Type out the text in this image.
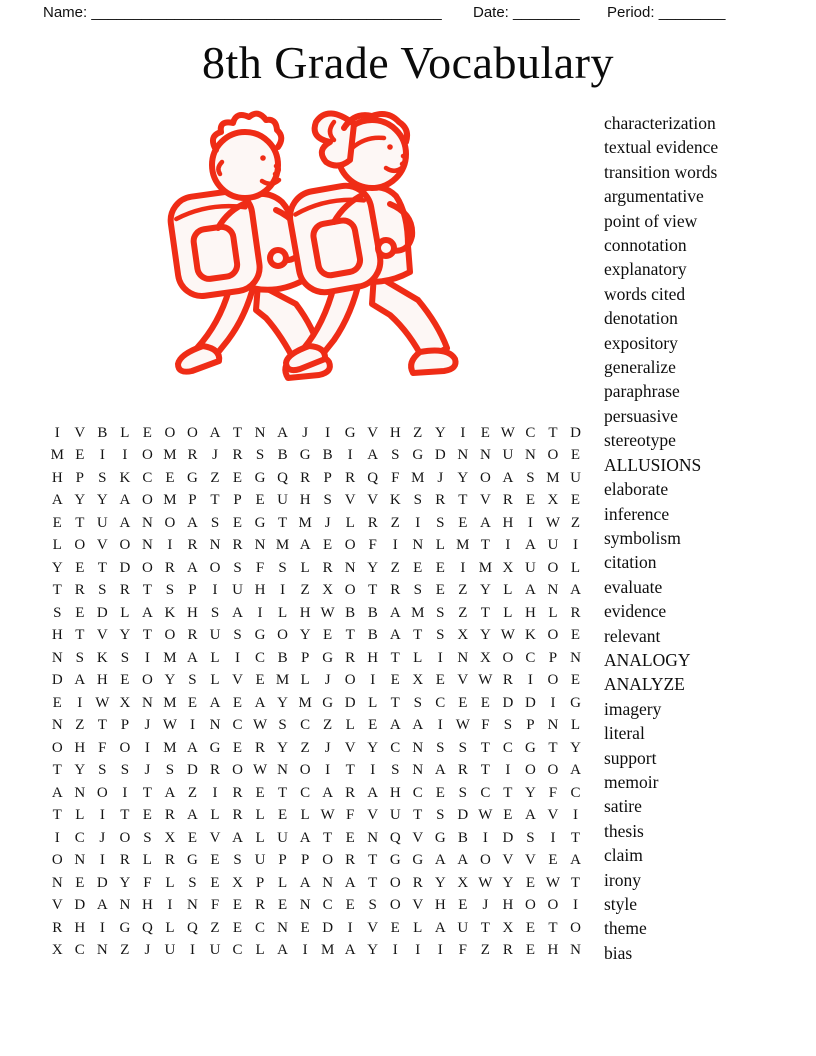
Name: __________________________________________ Date: ________ Period: ________
8th Grade Vocabulary
characterization
textual evidence
transition words
argumentative
point of view
connotation
explanatory
words cited
denotation
expository
generalize
paraphrase
persuasive
stereotype
ALLUSIONS
elaborate
inference
symbolism
citation
evaluate
evidence
relevant
ANALOGY
ANALYZE
imagery
literal
support
memoir
satire
thesis
claim
irony
style
theme
bias
I V B L E O O A T N A J	I G V H Z Y I	E W C T D
M E	I	I O M R J R S B G B	I A S G D N N U N O E
H P S K C E G Z E G Q R P R Q F M J Y O A S M U
A Y Y A O M P T P E U H S V V K S R T V R E X E
E T U A N O A S E G T M J	L R Z	I	S E A H I W Z
L O V O N I	R N R N M A E O F	I N L M T	I A U I
Y E T D O R A O S F S L R N Y Z E E	I M X U O L
T R S R T S P	I U H I	Z X O T R S E Z Y L A N A
S E D L A K H S A I	L H W B B A M S Z T L H L R
H T V Y T O R U S G O Y E T B A T S X Y W K O E
N S K S	I M A L	I	C B P G R H T L	I N X O C P N
D A H E O Y S L V E M L	J O I	E X E V W R	I O E
E	I W X N M E A E A Y M G D L T S C E E D D I G
N Z T P	J W I N C W S C Z L E A A I W F S P N L
O H F O I M A G E R Y Z	J V Y C N S S T C G T Y
T Y S S	J	S D R O W N O I	T	I	S N A R T	I O O A
A N O I	T A Z	I	R E T C A R A H C E S C T Y F C
T L	I	T E R A L R L E L W F V U T S D W E A V I
I	C J O S X E V A L U A T E N Q V G B	I D S	I	T
O N I	R L R G E S U P P O R T G G A A O V V E A
N E D Y F L S E X P L A N A T O R Y X W Y E W T
V D A N H I N F E R E N C E S O V H E	J H O O I
R H I G Q L Q Z E C N E D I V E L A U T X E T O
X C N Z	J U I U C L A I M A Y I	I	I	F Z R E H N
